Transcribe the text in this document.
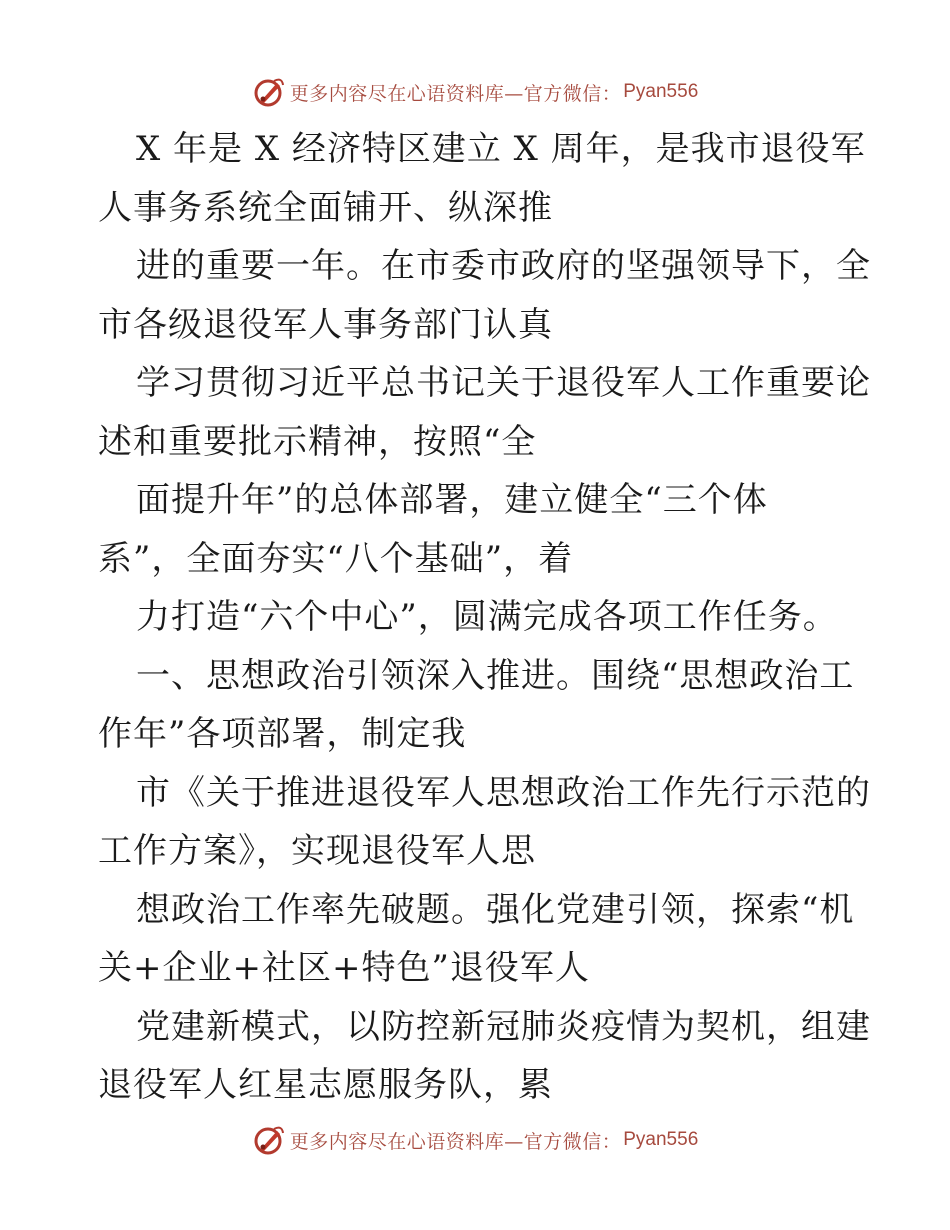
更多内容尽在心语资料库—官方微信： Pyan556
X 年是 X 经济特区建立 X 周年，是我市退役军
人事务系统全面铺开、纵深推
进的重要一年。在市委市政府的坚强领导下，全
市各级退役军人事务部门认真
学习贯彻习近平总书记关于退役军人工作重要论
述和重要批示精神，按照“全
面提升年”的总体部署，建立健全“三个体
系”，全面夯实“八个基础”，着
力打造“六个中心”，圆满完成各项工作任务。
一、思想政治引领深入推进。围绕“思想政治工
作年”各项部署，制定我
市《关于推进退役军人思想政治工作先行示范的
工作方案》，实现退役军人思
想政治工作率先破题。强化党建引领，探索“机
关+企业+社区+特色”退役军人
党建新模式，以防控新冠肺炎疫情为契机，组建
退役军人红星志愿服务队，累
更多内容尽在心语资料库—官方微信： Pyan556
